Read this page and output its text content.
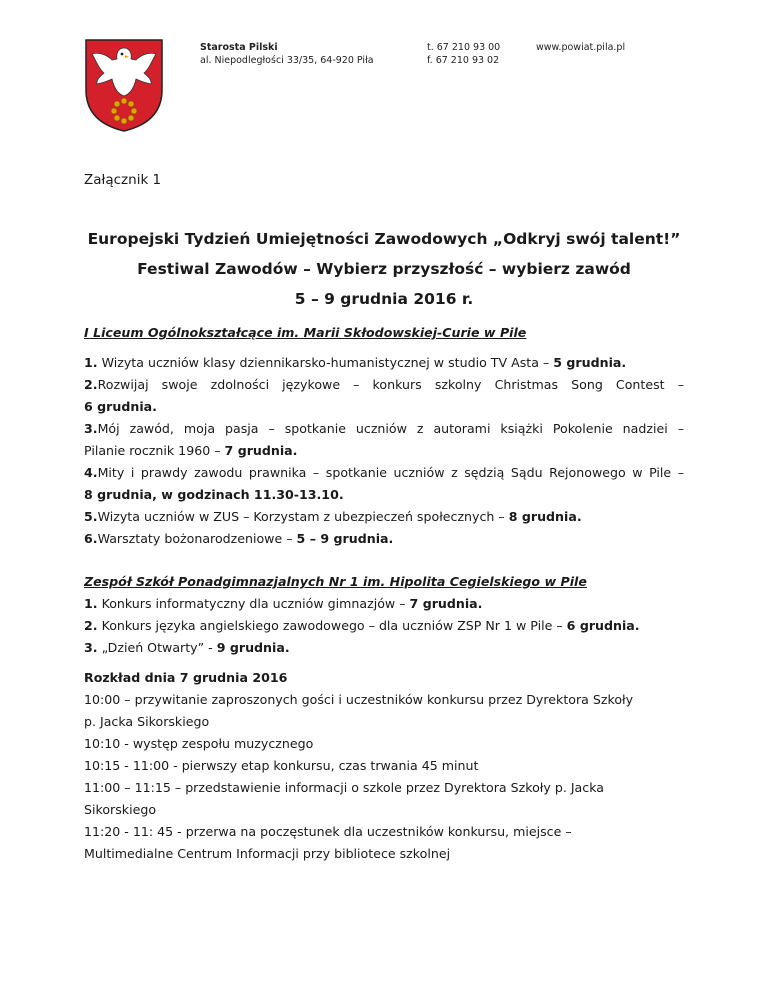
Starosta Pilski
al. Niepodległości 33/35, 64-920 Piła
t. 67 210 93 00
f. 67 210 93 02
www.powiat.pila.pl
Załącznik 1
Europejski Tydzień Umiejętności Zawodowych „Odkryj swój talent!”
Festiwal Zawodów – Wybierz przyszłość – wybierz zawód
5 – 9 grudnia 2016 r.
I Liceum Ogólnokształcące im. Marii Skłodowskiej-Curie w Pile
1. Wizyta uczniów klasy dziennikarsko-humanistycznej w studio TV Asta – 5 grudnia.
2.Rozwijaj swoje zdolności językowe – konkurs szkolny Christmas Song Contest –
6 grudnia.
3.Mój zawód, moja pasja – spotkanie uczniów z autorami książki Pokolenie nadziei –
Pilanie rocznik 1960 – 7 grudnia.
4.Mity i prawdy zawodu prawnika – spotkanie uczniów z sędzią Sądu Rejonowego w Pile –
8 grudnia, w godzinach 11.30-13.10.
5.Wizyta uczniów w ZUS – Korzystam z ubezpieczeń społecznych – 8 grudnia.
6.Warsztaty bożonarodzeniowe – 5 – 9 grudnia.
Zespół Szkół Ponadgimnazjalnych Nr 1 im. Hipolita Cegielskiego w Pile
1. Konkurs informatyczny dla uczniów gimnazjów – 7 grudnia.
2. Konkurs języka angielskiego zawodowego – dla uczniów ZSP Nr 1 w Pile – 6 grudnia.
3. „Dzień Otwarty” - 9 grudnia.
Rozkład dnia 7 grudnia 2016
10:00 – przywitanie zaproszonych gości i uczestników konkursu przez Dyrektora Szkoły
p. Jacka Sikorskiego
10:10 - występ zespołu muzycznego
10:15 - 11:00 - pierwszy etap konkursu, czas trwania 45 minut
11:00 – 11:15 – przedstawienie informacji o szkole przez Dyrektora Szkoły p. Jacka
Sikorskiego
11:20 - 11: 45 - przerwa na poczęstunek dla uczestników konkursu, miejsce –
Multimedialne Centrum Informacji przy bibliotece szkolnej
